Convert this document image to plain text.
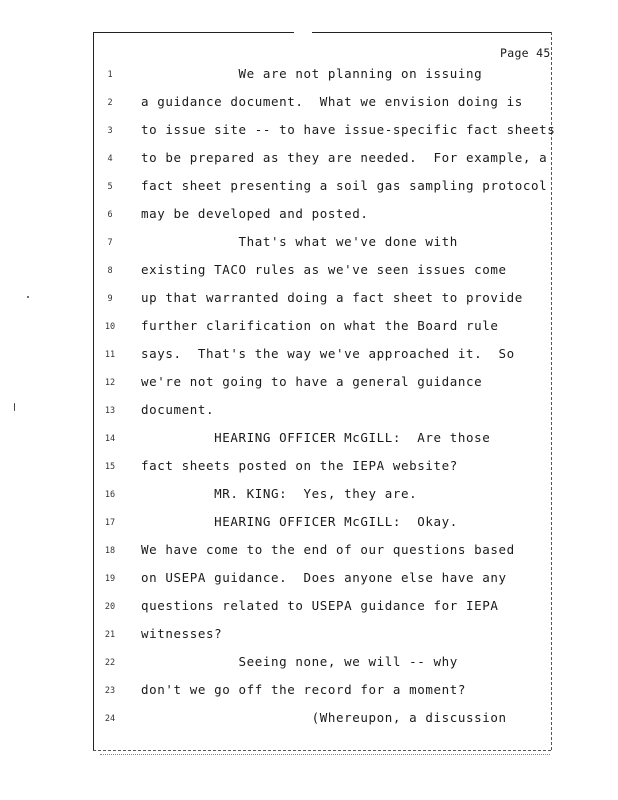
Page 45
1	We are not planning on issuing
2	a guidance document.  What we envision doing is
3	to issue site -- to have issue-specific fact sheets
4	to be prepared as they are needed.  For example, a
5	fact sheet presenting a soil gas sampling protocol
6	may be developed and posted.
7	That's what we've done with
8	existing TACO rules as we've seen issues come
9	up that warranted doing a fact sheet to provide
10	further clarification on what the Board rule
11	says.  That's the way we've approached it.  So
12	we're not going to have a general guidance
13	document.
14	HEARING OFFICER McGILL:  Are those
15	fact sheets posted on the IEPA website?
16	MR. KING:  Yes, they are.
17	HEARING OFFICER McGILL:  Okay.
18	We have come to the end of our questions based
19	on USEPA guidance.  Does anyone else have any
20	questions related to USEPA guidance for IEPA
21	witnesses?
22	Seeing none, we will -- why
23	don't we go off the record for a moment?
24	(Whereupon, a discussion
